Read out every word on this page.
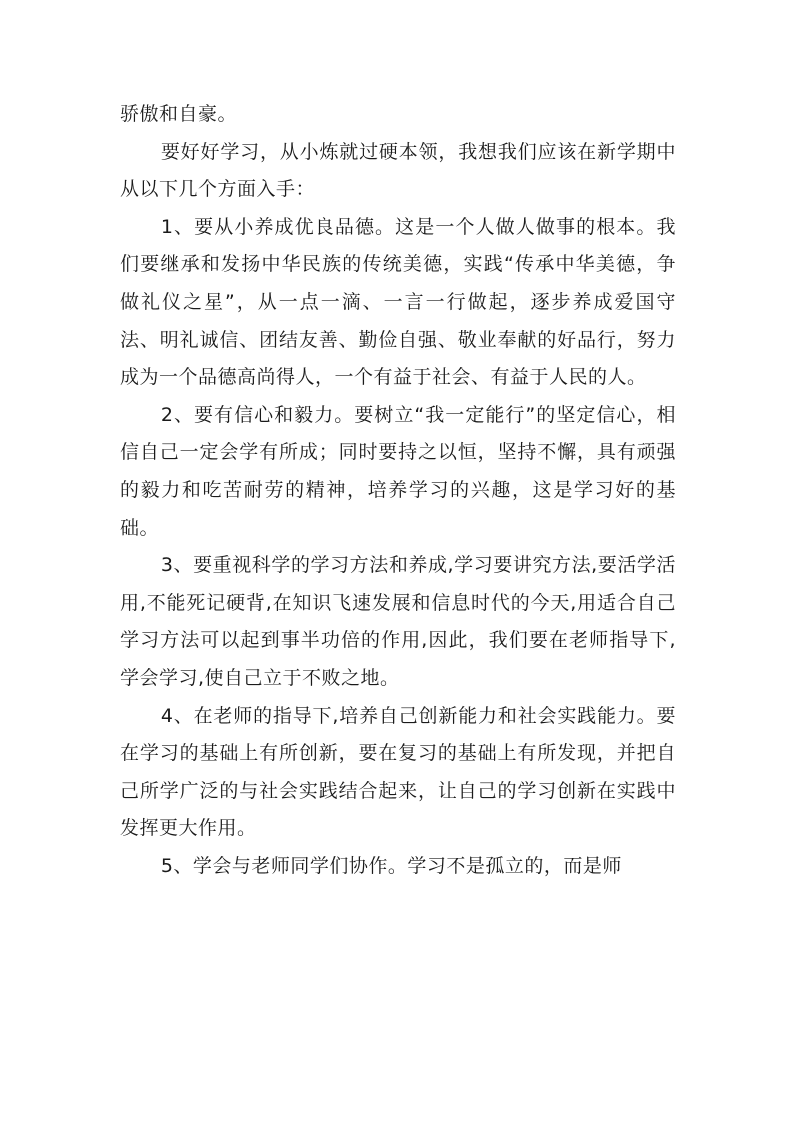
骄傲和自豪。

要好好学习，从小炼就过硬本领，我想我们应该在新学期中从以下几个方面入手：

1、要从小养成优良品德。这是一个人做人做事的根本。我们要继承和发扬中华民族的传统美德，实践“传承中华美德，争做礼仪之星”，从一点一滴、一言一行做起，逐步养成爱国守法、明礼诚信、团结友善、勤俭自强、敬业奉献的好品行，努力成为一个品德高尚得人，一个有益于社会、有益于人民的人。

2、要有信心和毅力。要树立“我一定能行”的坚定信心，相信自己一定会学有所成；同时要持之以恒，坚持不懈，具有顽强的毅力和吃苦耐劳的精神，培养学习的兴趣，这是学习好的基础。

3、要重视科学的学习方法和养成,学习要讲究方法,要活学活用,不能死记硬背,在知识飞速发展和信息时代的今天,用适合自己学习方法可以起到事半功倍的作用,因此，我们要在老师指导下, 学会学习,使自己立于不败之地。

4、在老师的指导下,培养自己创新能力和社会实践能力。要在学习的基础上有所创新，要在复习的基础上有所发现，并把自己所学广泛的与社会实践结合起来，让自己的学习创新在实践中发挥更大作用。

5、学会与老师同学们协作。学习不是孤立的，而是师
